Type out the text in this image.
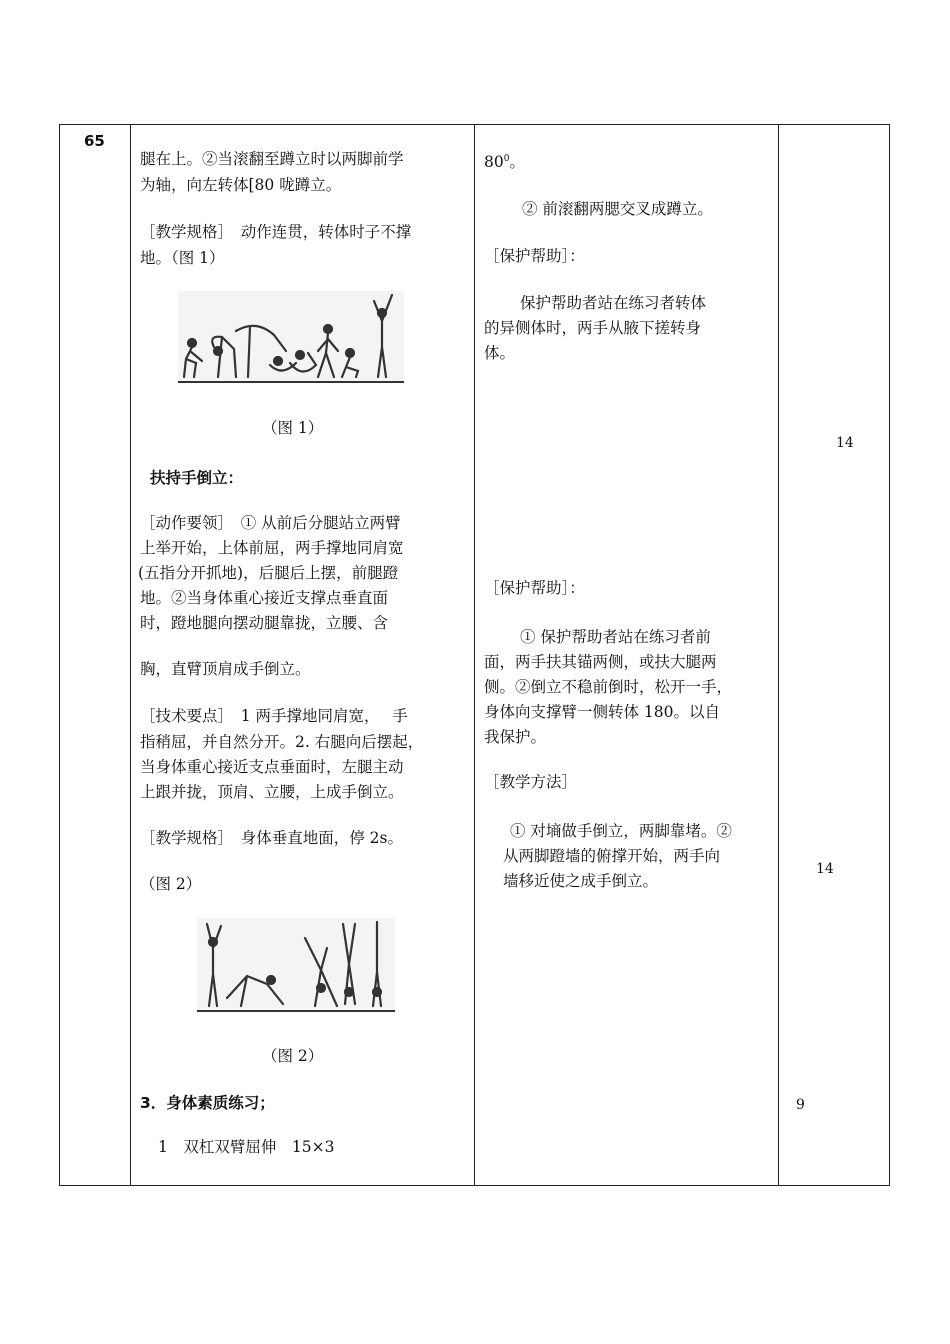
65
腿在上。②当滚翻至蹲立时以两脚前学
为轴，向左转体[80 咙蹲立。
［教学规格］　动作连贯，转体时子不撑
地。（图 1）
（图 1）
扶持手倒立：
［动作要领］　① 从前后分腿站立两臂
上举开始，上体前屈，两手撑地同肩宽
(五指分开抓地)，后腿后上摆，前腿蹬
地。②当身体重心接近支撑点垂直面
时，蹬地腿向摆动腿靠拢，立腰、含
胸，直臂顶肩成手倒立。
［技术要点］　1 两手撑地同肩宽，　 手
指稍屈，并自然分开。2. 右腿向后摆起，
当身体重心接近支点垂面时，左腿主动
上跟并拢，顶肩、立腰，上成手倒立。
［教学规格］　身体垂直地面，停 2s。
（图 2）
（图 2）
3．身体素质练习；
1　双杠双臂屈伸　15×3
$80^0$。
② 前滚翻两腮交叉成蹲立。
［保护帮助］：
保护帮助者站在练习者转体
的异侧体时，两手从腋下搓转身
体。
［保护帮助］：
① 保护帮助者站在练习者前
面，两手扶其锚两侧，或扶大腿两
侧。②倒立不稳前倒时，松开一手，
身体向支撑臂一侧转体 180。以自
我保护。
［教学方法］
① 对墒做手倒立，两脚靠堵。②
从两脚蹬墙的俯撑开始，两手向
墙移近使之成手倒立。
14
14
9
